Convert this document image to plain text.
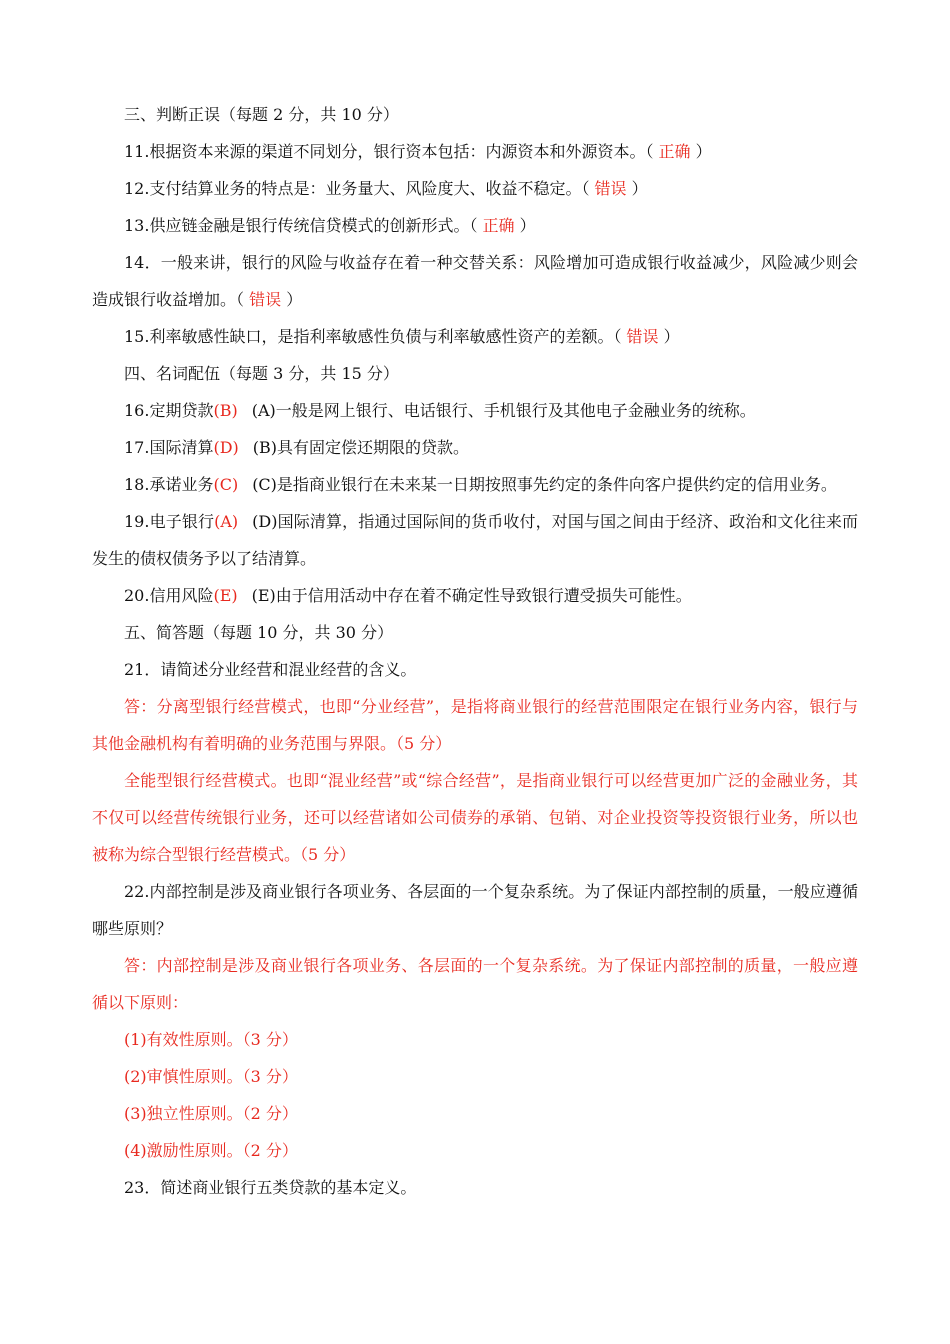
三、判断正误（每题 2 分，共 10 分）

11.根据资本来源的渠道不同划分，银行资本包括：内源资本和外源资本。（ 正确 ）

12.支付结算业务的特点是：业务量大、风险度大、收益不稳定。（ 错误 ）

13.供应链金融是银行传统信贷模式的创新形式。（ 正确 ）

14．一般来讲，银行的风险与收益存在着一种交替关系：风险增加可造成银行收益减少，风险减少则会造成银行收益增加。（ 错误 ）

15.利率敏感性缺口，是指利率敏感性负债与利率敏感性资产的差额。（ 错误 ）

四、名词配伍（每题 3 分，共 15 分）

16.定期贷款(B) (A)一般是网上银行、电话银行、手机银行及其他电子金融业务的统称。

17.国际清算(D) (B)具有固定偿还期限的贷款。

18.承诺业务(C) (C)是指商业银行在未来某一日期按照事先约定的条件向客户提供约定的信用业务。

19.电子银行(A) (D)国际清算，指通过国际间的货币收付，对国与国之间由于经济、政治和文化往来而发生的债权债务予以了结清算。

20.信用风险(E) (E)由于信用活动中存在着不确定性导致银行遭受损失可能性。

五、简答题（每题 10 分，共 30 分）

21．请简述分业经营和混业经营的含义。

答：分离型银行经营模式，也即“分业经营”，是指将商业银行的经营范围限定在银行业务内容，银行与其他金融机构有着明确的业务范围与界限。（5 分）

全能型银行经营模式。也即“混业经营”或“综合经营”，是指商业银行可以经营更加广泛的金融业务，其不仅可以经营传统银行业务，还可以经营诸如公司债券的承销、包销、对企业投资等投资银行业务，所以也被称为综合型银行经营模式。（5 分）

22.内部控制是涉及商业银行各项业务、各层面的一个复杂系统。为了保证内部控制的质量，一般应遵循哪些原则？

答：内部控制是涉及商业银行各项业务、各层面的一个复杂系统。为了保证内部控制的质量，一般应遵循以下原则：

(1)有效性原则。（3 分）

(2)审慎性原则。（3 分）

(3)独立性原则。（2 分）

(4)激励性原则。（2 分）

23．简述商业银行五类贷款的基本定义。
